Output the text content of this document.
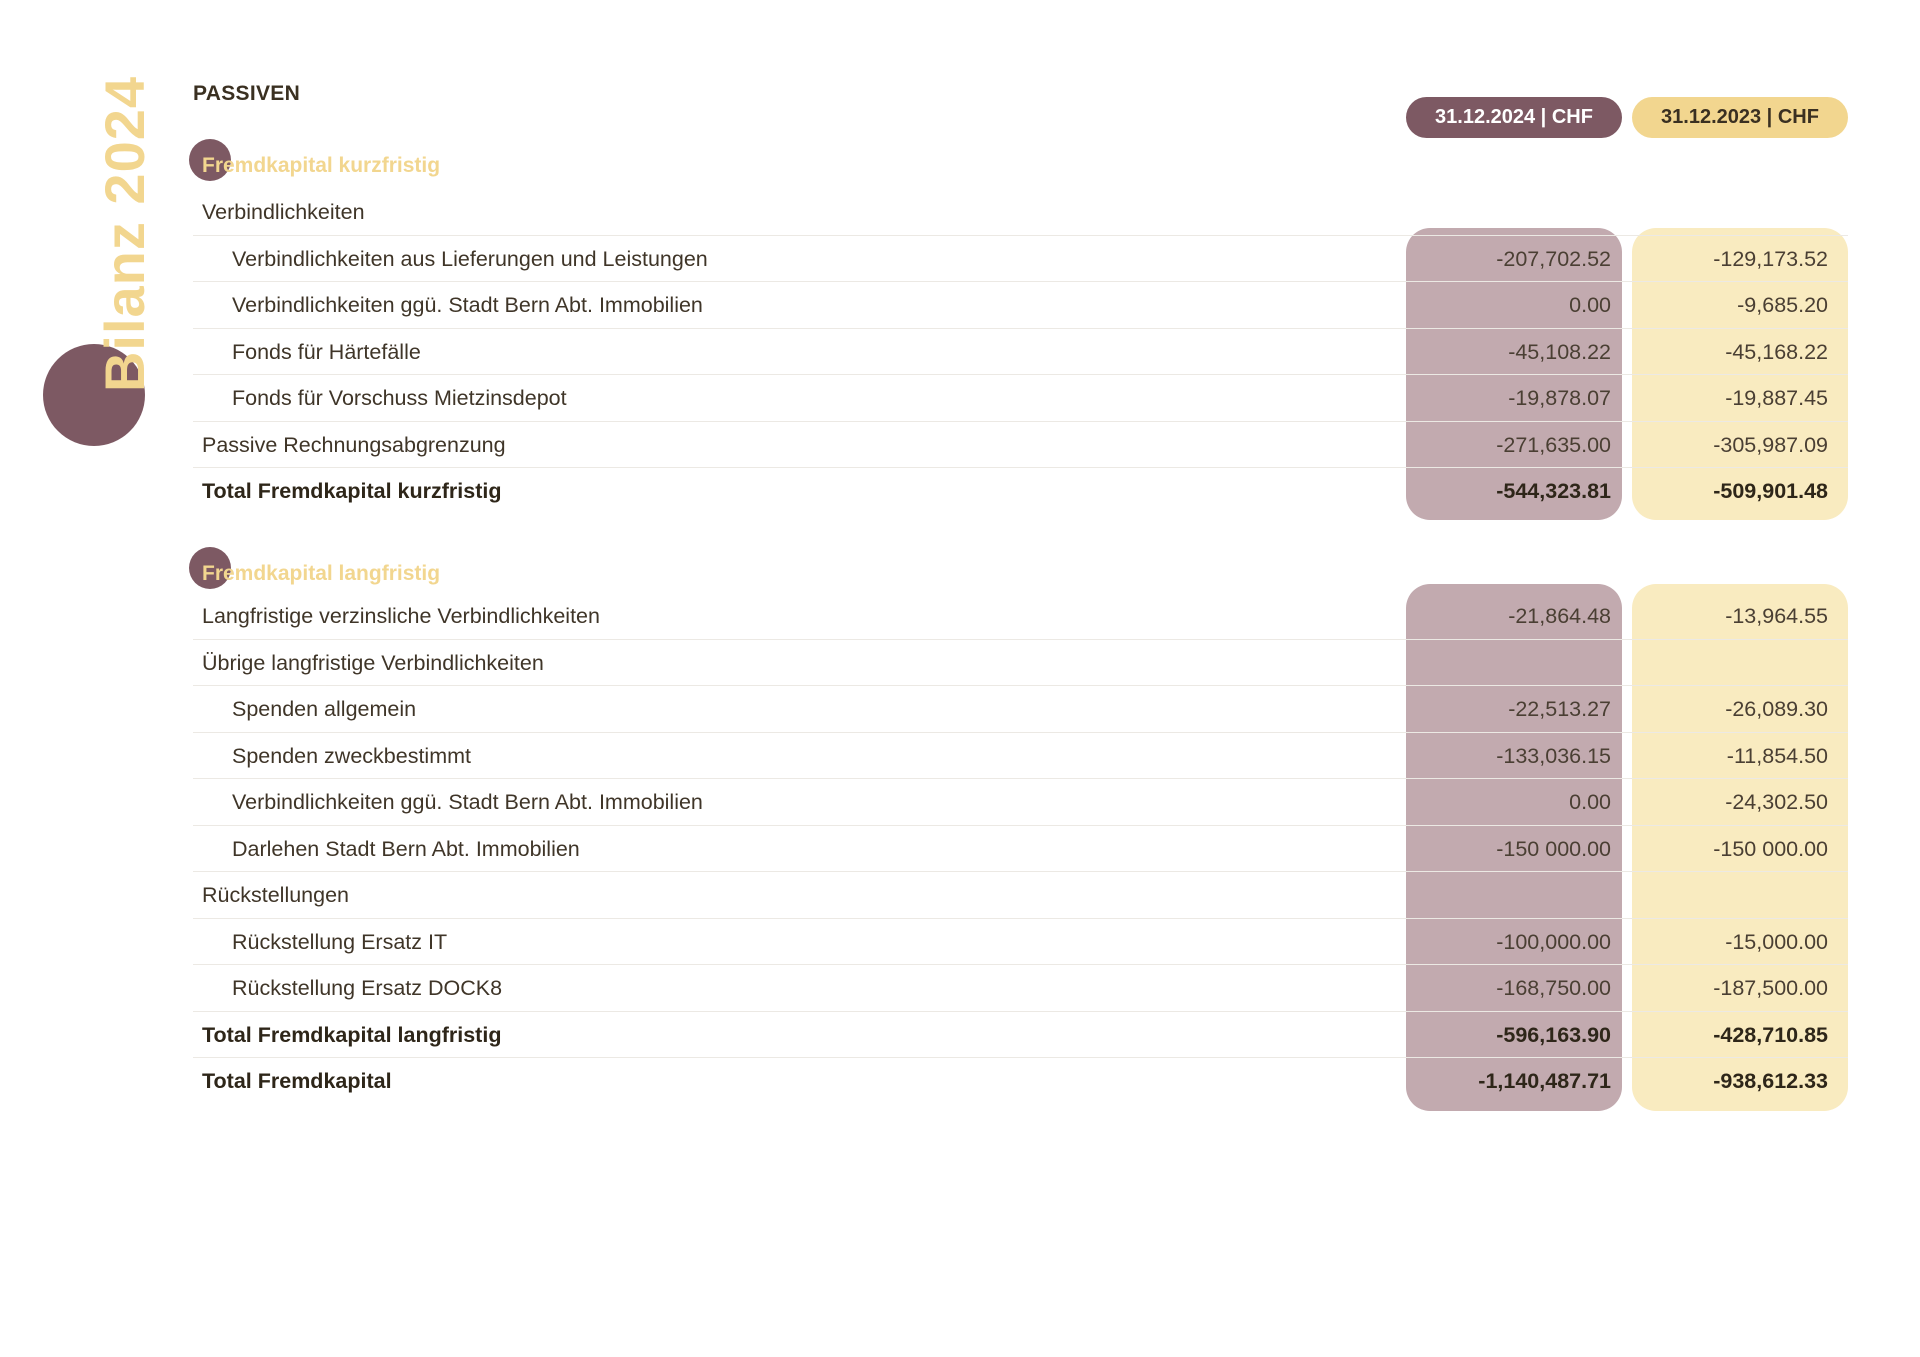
Bilanz 2024 PASSIVEN
31.12.2024 | CHF	31.12.2023 | CHF
Fremdkapital kurzfristig
Verbindlichkeiten
Verbindlichkeiten aus Lieferungen und Leistungen	-207,702.52	-129,173.52
Verbindlichkeiten ggü. Stadt Bern Abt. Immobilien	0.00	-9,685.20
Fonds für Härtefälle	-45,108.22	-45,168.22
Fonds für Vorschuss Mietzinsdepot	-19,878.07	-19,887.45
Passive Rechnungsabgrenzung	-271,635.00	-305,987.09
Total Fremdkapital kurzfristig	-544,323.81	-509,901.48
Fremdkapital langfristig
Langfristige verzinsliche Verbindlichkeiten	-21,864.48	-13,964.55
Übrige langfristige Verbindlichkeiten
Spenden allgemein	-22,513.27	-26,089.30
Spenden zweckbestimmt	-133,036.15	-11,854.50
Verbindlichkeiten ggü. Stadt Bern Abt. Immobilien	0.00	-24,302.50
Darlehen Stadt Bern Abt. Immobilien	-150 000.00	-150 000.00
Rückstellungen
Rückstellung Ersatz IT	-100,000.00	-15,000.00
Rückstellung Ersatz DOCK8	-168,750.00	-187,500.00
Total Fremdkapital langfristig	-596,163.90	-428,710.85
Total Fremdkapital	-1,140,487.71	-938,612.33
